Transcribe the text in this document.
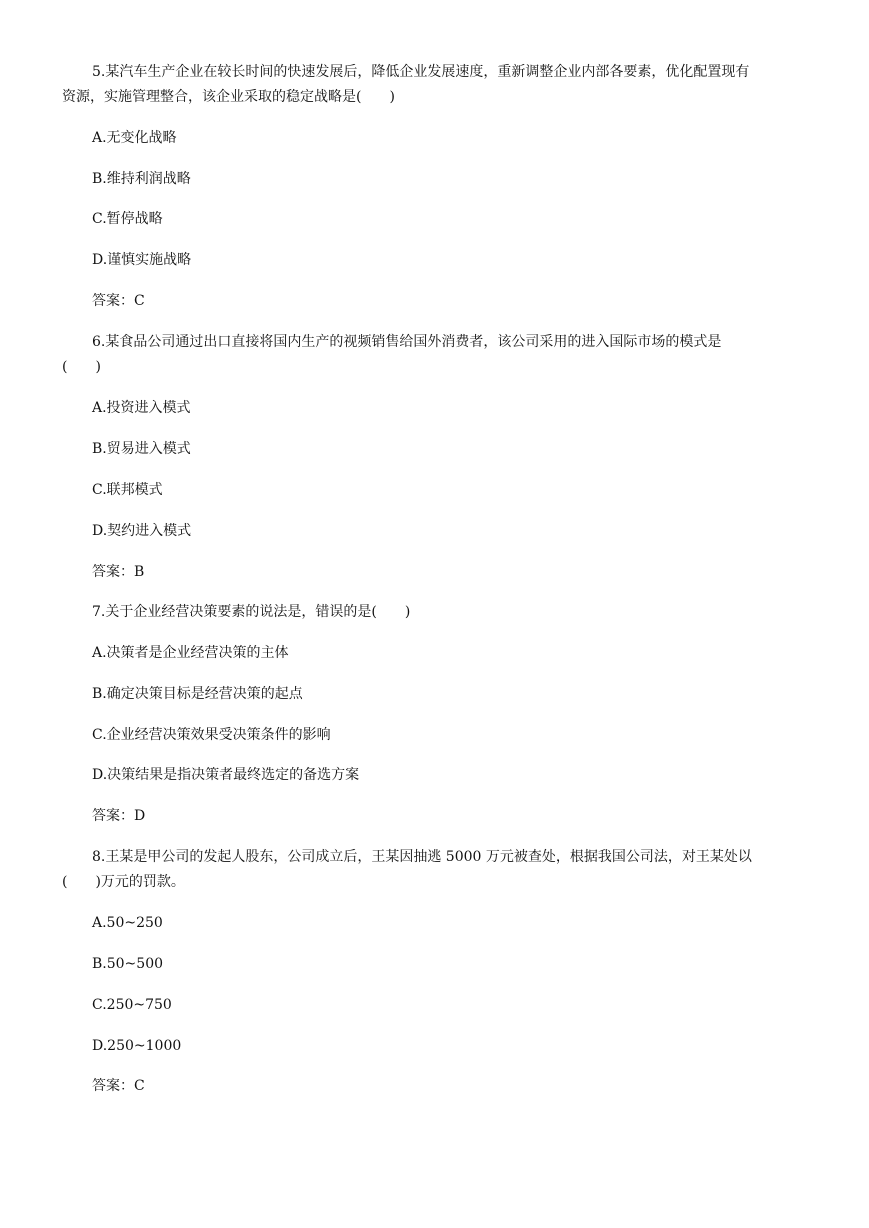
5.某汽车生产企业在较长时间的快速发展后，降低企业发展速度，重新调整企业内部各要素，优化配置现有
资源，实施管理整合，该企业采取的稳定战略是(　　)
A.无变化战略
B.维持利润战略
C.暂停战略
D.谨慎实施战略
答案：C
6.某食品公司通过出口直接将国内生产的视频销售给国外消费者，该公司采用的进入国际市场的模式是
(　　)
A.投资进入模式
B.贸易进入模式
C.联邦模式
D.契约进入模式
答案：B
7.关于企业经营决策要素的说法是，错误的是(　　)
A.决策者是企业经营决策的主体
B.确定决策目标是经营决策的起点
C.企业经营决策效果受决策条件的影响
D.决策结果是指决策者最终选定的备选方案
答案：D
8.王某是甲公司的发起人股东，公司成立后，王某因抽逃 5000 万元被查处，根据我国公司法，对王某处以
(　　)万元的罚款。
A.50~250
B.50~500
C.250~750
D.250~1000
答案：C
